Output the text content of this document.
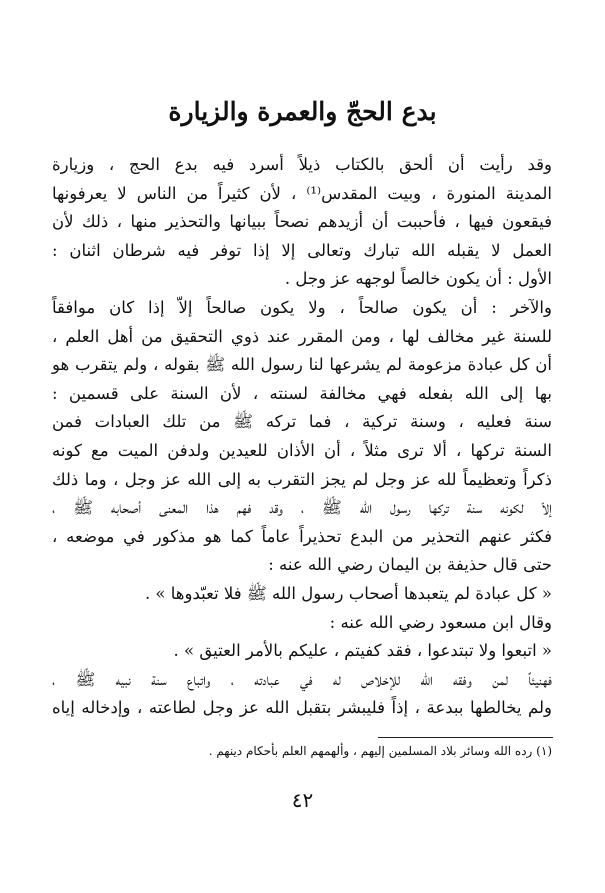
بدع الحجّ والعمرة والزيارة
وقد رأيت أن ألحق بالكتاب ذيلاً أسرد فيه بدع الحج ، وزيارة
المدينة المنورة ، وبيت المقدس⁽¹⁾ ، لأن كثيراً من الناس لا يعرفونها
فيقعون فيها ، فأحببت أن أزيدهم نصحاً ببيانها والتحذير منها ، ذلك لأن
العمل لا يقبله الله تبارك وتعالى إلا إذا توفر فيه شرطان اثنان :
الأول : أن يكون خالصاً لوجهه عز وجل .
والآخر : أن يكون صالحاً ، ولا يكون صالحاً إلاّ إذا كان موافقاً
للسنة غير مخالف لها ، ومن المقرر عند ذوي التحقيق من أهل العلم ،
أن كل عبادة مزعومة لم يشرعها لنا رسول الله ﷺ بقوله ، ولم يتقرب هو
بها إلى الله بفعله فهي مخالفة لسنته ، لأن السنة على قسمين :
سنة فعليه ، وسنة تركية ، فما تركه ﷺ من تلك العبادات فمن
السنة تركها ، ألا ترى مثلاً ، أن الأذان للعيدين ولدفن الميت مع كونه
ذكراً وتعظيماً لله عز وجل لم يجز التقرب به إلى الله عز وجل ، وما ذلك
إلاّ لكونه سنة تركها رسول الله ﷺ ، وقد فهم هذا المعنى أصحابه ﷺ ،
فكثر عنهم التحذير من البدع تحذيراً عاماً كما هو مذكور في موضعه ،
حتى قال حذيفة بن اليمان رضي الله عنه :
« كل عبادة لم يتعبدها أصحاب رسول الله ﷺ فلا تعبّدوها » .
وقال ابن مسعود رضي الله عنه :
« اتبعوا ولا تبتدعوا ، فقد كفيتم ، عليكم بالأمر العتيق » .
فهنيئاً لمن وفقه الله للإخلاص له في عبادته ، واتباع سنة نبيه ﷺ ،
ولم يخالطها ببدعة ، إذاً فليبشر بتقبل الله عز وجل لطاعته ، وإدخاله إياه
(١) رده الله وسائر بلاد المسلمين إليهم ، وألهمهم العلم بأحكام دينهم .
٤٢
